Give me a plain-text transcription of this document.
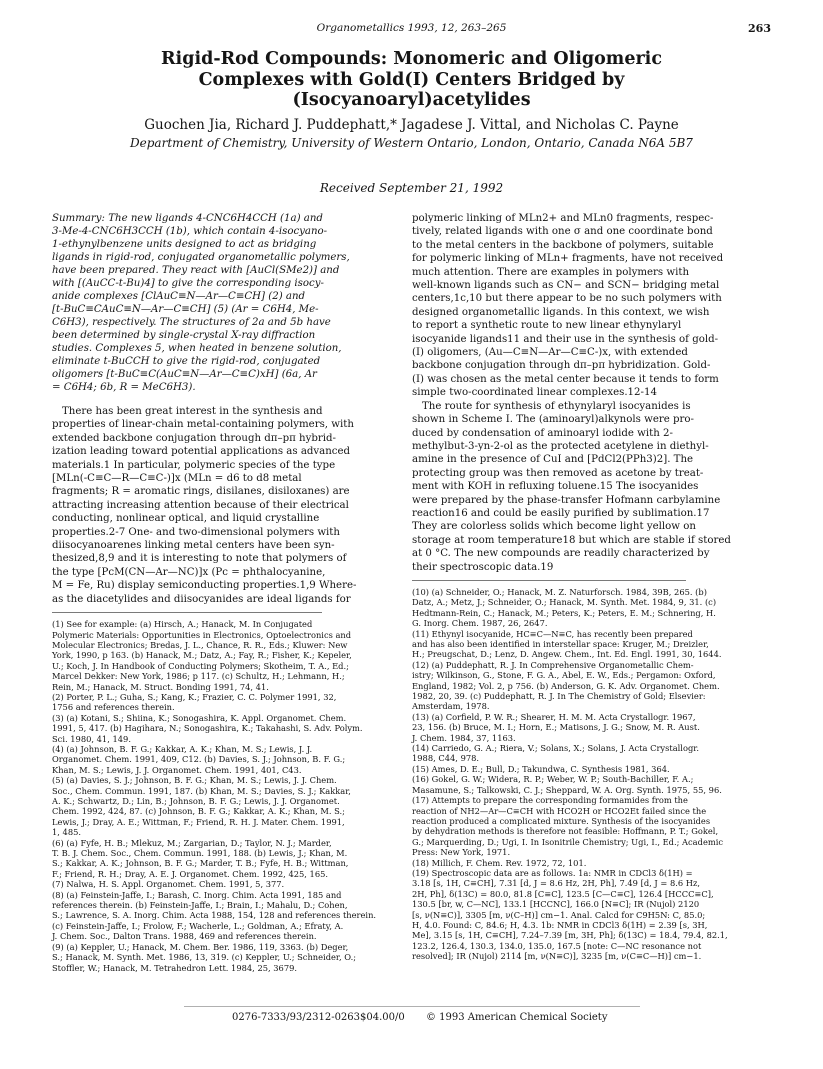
Organometallics 1993, 12, 263–265	263
Rigid-Rod Compounds: Monomeric and Oligomeric
Complexes with Gold(I) Centers Bridged by
(Isocyanoaryl)acetylides
Guochen Jia, Richard J. Puddephatt,* Jagadese J. Vittal, and Nicholas C. Payne
Department of Chemistry, University of Western Ontario, London, Ontario, Canada N6A 5B7
Received September 21, 1992

Summary: The new ligands 4-CNC6H4CCH (1a) and
3-Me-4-CNC6H3CCH (1b), which contain 4-isocyano-
1-ethynylbenzene units designed to act as bridging
ligands in rigid-rod, conjugated organometallic polymers,
have been prepared. They react with [AuCl(SMe2)] and
with [(AuCC-t-Bu)4] to give the corresponding isocy-
anide complexes [ClAuC≡N—Ar—C≡CH] (2) and
[t-BuC≡CAuC≡N—Ar—C≡CH] (5) (Ar = C6H4, Me-
C6H3), respectively. The structures of 2a and 5b have
been determined by single-crystal X-ray diffraction
studies. Complexes 5, when heated in benzene solution,
eliminate t-BuCCH to give the rigid-rod, conjugated
oligomers [t-BuC≡C(AuC≡N—Ar—C≡C)xH] (6a, Ar
= C6H4; 6b, R = MeC6H3).

There has been great interest in the synthesis and
properties of linear-chain metal-containing polymers, with
extended backbone conjugation through dπ–pπ hybrid-
ization leading toward potential applications as advanced
materials.1 In particular, polymeric species of the type
[MLn(-C≡C—R—C≡C-)]x (MLn = d6 to d8 metal
fragments; R = aromatic rings, disilanes, disiloxanes) are
attracting increasing attention because of their electrical
conducting, nonlinear optical, and liquid crystalline
properties.2-7 One- and two-dimensional polymers with
diisocyanoarenes linking metal centers have been syn-
thesized,8,9 and it is interesting to note that polymers of
the type [PcM(CN—Ar—NC)]x (Pc = phthalocyanine,
M = Fe, Ru) display semiconducting properties.1,9 Where-
as the diacetylides and diisocyanides are ideal ligands for

(1) See for example: (a) Hirsch, A.; Hanack, M. In Conjugated
Polymeric Materials: Opportunities in Electronics, Optoelectronics and
Molecular Electronics; Bredas, J. L., Chance, R. R., Eds.; Kluwer: New
York, 1990, p 163. (b) Hanack, M.; Datz, A.; Fay, R.; Fisher, K.; Kepeler,
U.; Koch, J. In Handbook of Conducting Polymers; Skotheim, T. A., Ed.;
Marcel Dekker: New York, 1986; p 117. (c) Schultz, H.; Lehmann, H.;
Rein, M.; Hanack, M. Struct. Bonding 1991, 74, 41.
(2) Porter, P. L.; Guha, S.; Kang, K.; Frazier, C. C. Polymer 1991, 32,
1756 and references therein.
(3) (a) Kotani, S.; Shiina, K.; Sonogashira, K. Appl. Organomet. Chem.
1991, 5, 417. (b) Hagihara, N.; Sonogashira, K.; Takahashi, S. Adv. Polym.
Sci. 1980, 41, 149.
(4) (a) Johnson, B. F. G.; Kakkar, A. K.; Khan, M. S.; Lewis, J. J.
Organomet. Chem. 1991, 409, C12. (b) Davies, S. J.; Johnson, B. F. G.;
Khan, M. S.; Lewis, J. J. Organomet. Chem. 1991, 401, C43.
(5) (a) Davies, S. J.; Johnson, B. F. G.; Khan, M. S.; Lewis, J. J. Chem.
Soc., Chem. Commun. 1991, 187. (b) Khan, M. S.; Davies, S. J.; Kakkar,
A. K.; Schwartz, D.; Lin, B.; Johnson, B. F. G.; Lewis, J. J. Organomet.
Chem. 1992, 424, 87. (c) Johnson, B. F. G.; Kakkar, A. K.; Khan, M. S.;
Lewis, J.; Dray, A. E.; Wittman, F.; Friend, R. H. J. Mater. Chem. 1991,
1, 485.
(6) (a) Fyfe, H. B.; Mlekuz, M.; Zargarian, D.; Taylor, N. J.; Marder,
T. B. J. Chem. Soc., Chem. Commun. 1991, 188. (b) Lewis, J.; Khan, M.
S.; Kakkar, A. K.; Johnson, B. F. G.; Marder, T. B.; Fyfe, H. B.; Wittman,
F.; Friend, R. H.; Dray, A. E. J. Organomet. Chem. 1992, 425, 165.
(7) Nalwa, H. S. Appl. Organomet. Chem. 1991, 5, 377.
(8) (a) Feinstein-Jaffe, I.; Barash, C. Inorg. Chim. Acta 1991, 185 and
references therein. (b) Feinstein-Jaffe, I.; Brain, I.; Mahalu, D.; Cohen,
S.; Lawrence, S. A. Inorg. Chim. Acta 1988, 154, 128 and references therein.
(c) Feinstein-Jaffe, I.; Frolow, F.; Wacherle, L.; Goldman, A.; Efraty, A.
J. Chem. Soc., Dalton Trans. 1988, 469 and references therein.
(9) (a) Keppler, U.; Hanack, M. Chem. Ber. 1986, 119, 3363. (b) Deger,
S.; Hanack, M. Synth. Met. 1986, 13, 319. (c) Keppler, U.; Schneider, O.;
Stoffler, W.; Hanack, M. Tetrahedron Lett. 1984, 25, 3679.

polymeric linking of MLn2+ and MLn0 fragments, respec-
tively, related ligands with one σ and one coordinate bond
to the metal centers in the backbone of polymers, suitable
for polymeric linking of MLn+ fragments, have not received
much attention. There are examples in polymers with
well-known ligands such as CN− and SCN− bridging metal
centers,1c,10 but there appear to be no such polymers with
designed organometallic ligands. In this context, we wish
to report a synthetic route to new linear ethynylaryl
isocyanide ligands11 and their use in the synthesis of gold-
(I) oligomers, (Au—C≡N—Ar—C≡C-)x, with extended
backbone conjugation through dπ–pπ hybridization. Gold-
(I) was chosen as the metal center because it tends to form
simple two-coordinated linear complexes.12-14
The route for synthesis of ethynylaryl isocyanides is
shown in Scheme I. The (aminoaryl)alkynols were pro-
duced by condensation of aminoaryl iodide with 2-
methylbut-3-yn-2-ol as the protected acetylene in diethyl-
amine in the presence of CuI and [PdCl2(PPh3)2]. The
protecting group was then removed as acetone by treat-
ment with KOH in refluxing toluene.15 The isocyanides
were prepared by the phase-transfer Hofmann carbylamine
reaction16 and could be easily purified by sublimation.17
They are colorless solids which become light yellow on
storage at room temperature18 but which are stable if stored
at 0 °C. The new compounds are readily characterized by
their spectroscopic data.19

(10) (a) Schneider, O.; Hanack, M. Z. Naturforsch. 1984, 39B, 265. (b)
Datz, A.; Metz, J.; Schneider, O.; Hanack, M. Synth. Met. 1984, 9, 31. (c)
Hedtmann-Rein, C.; Hanack, M.; Peters, K.; Peters, E. M.; Schnering, H.
G. Inorg. Chem. 1987, 26, 2647.
(11) Ethynyl isocyanide, HC≡C—N≡C, has recently been prepared
and has also been identified in interstellar space: Kruger, M.; Dreizler,
H.; Preugschat, D.; Lenz, D. Angew. Chem., Int. Ed. Engl. 1991, 30, 1644.
(12) (a) Puddephatt, R. J. In Comprehensive Organometallic Chem-
istry; Wilkinson, G., Stone, F. G. A., Abel, E. W., Eds.; Pergamon: Oxford,
England, 1982; Vol. 2, p 756. (b) Anderson, G. K. Adv. Organomet. Chem.
1982, 20, 39. (c) Puddephatt, R. J. In The Chemistry of Gold; Elsevier:
Amsterdam, 1978.
(13) (a) Corfield, P. W. R.; Shearer, H. M. M. Acta Crystallogr. 1967,
23, 156. (b) Bruce, M. I.; Horn, E.; Matisons, J. G.; Snow, M. R. Aust.
J. Chem. 1984, 37, 1163.
(14) Carriedo, G. A.; Riera, V.; Solans, X.; Solans, J. Acta Crystallogr.
1988, C44, 978.
(15) Ames, D. E.; Bull, D.; Takundwa, C. Synthesis 1981, 364.
(16) Gokel, G. W.; Widera, R. P.; Weber, W. P.; South-Bachiller, F. A.;
Masamune, S.; Talkowski, C. J.; Sheppard, W. A. Org. Synth. 1975, 55, 96.
(17) Attempts to prepare the corresponding formamides from the
reaction of NH2—Ar—C≡CH with HCO2H or HCO2Et failed since the
reaction produced a complicated mixture. Synthesis of the isocyanides
by dehydration methods is therefore not feasible: Hoffmann, P. T.; Gokel,
G.; Marquerding, D.; Ugi, I. In Isonitrile Chemistry; Ugi, I., Ed.; Academic
Press: New York, 1971.
(18) Millich, F. Chem. Rev. 1972, 72, 101.
(19) Spectroscopic data are as follows. 1a: NMR in CDCl3 δ(1H) =
3.18 [s, 1H, C≡CH], 7.31 [d, J = 8.6 Hz, 2H, Ph], 7.49 [d, J = 8.6 Hz,
2H, Ph], δ(13C) = 80.0, 81.8 [C≡C], 123.5 [C—C≡C], 126.4 [HCCC≡C],
130.5 [br, w, C—NC], 133.1 [HCCNC], 166.0 [N≡C]; IR (Nujol) 2120
[s, ν(N≡C)], 3305 [m, ν(C–H)] cm−1. Anal. Calcd for C9H5N: C, 85.0;
H, 4.0. Found: C, 84.6; H, 4.3. 1b: NMR in CDCl3 δ(1H) = 2.39 [s, 3H,
Me], 3.15 [s, 1H, C≡CH], 7.24–7.39 [m, 3H, Ph]; δ(13C) = 18.4, 79.4, 82.1,
123.2, 126.4, 130.3, 134.0, 135.0, 167.5 [note: C—NC resonance not
resolved]; IR (Nujol) 2114 [m, ν(N≡C)], 3235 [m, ν(C≡C—H)] cm−1.

0276-7333/93/2312-0263$04.00/0 © 1993 American Chemical Society
